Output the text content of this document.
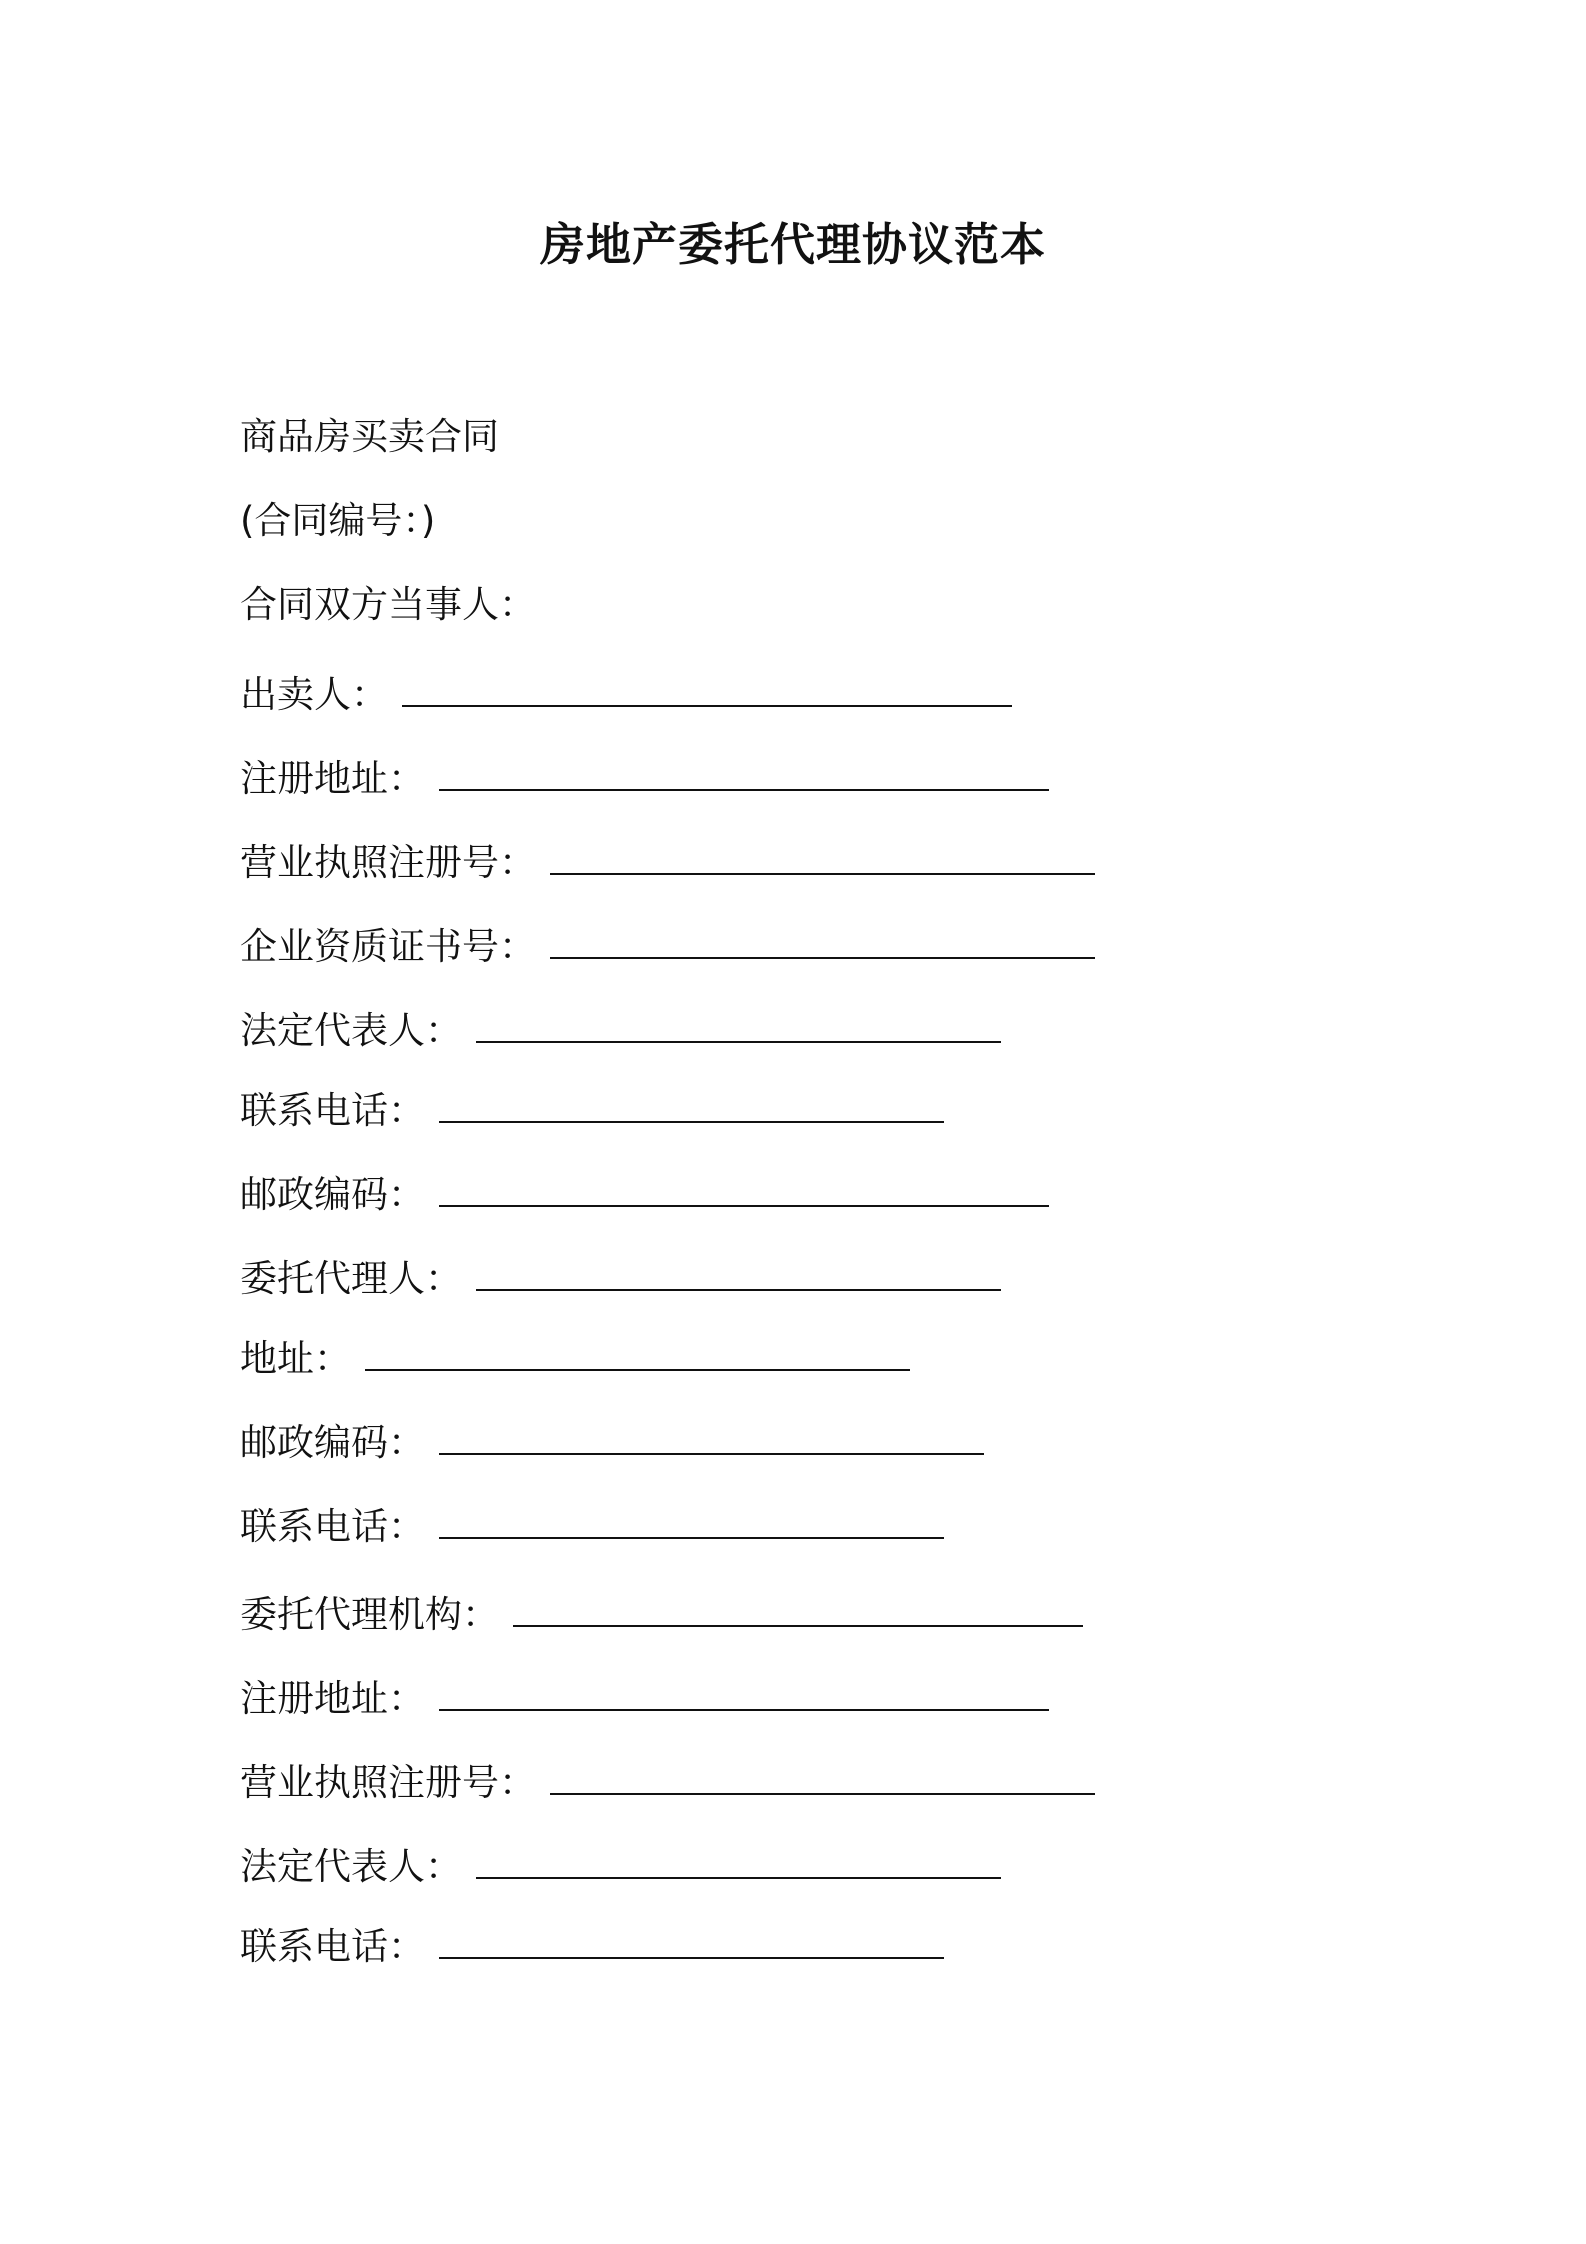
房地产委托代理协议范本
商品房买卖合同
(合同编号：)
合同双方当事人：
出卖人：
注册地址：
营业执照注册号：
企业资质证书号：
法定代表人：
联系电话：
邮政编码：
委托代理人：
地址：
邮政编码：
联系电话：
委托代理机构：
注册地址：
营业执照注册号：
法定代表人：
联系电话：
